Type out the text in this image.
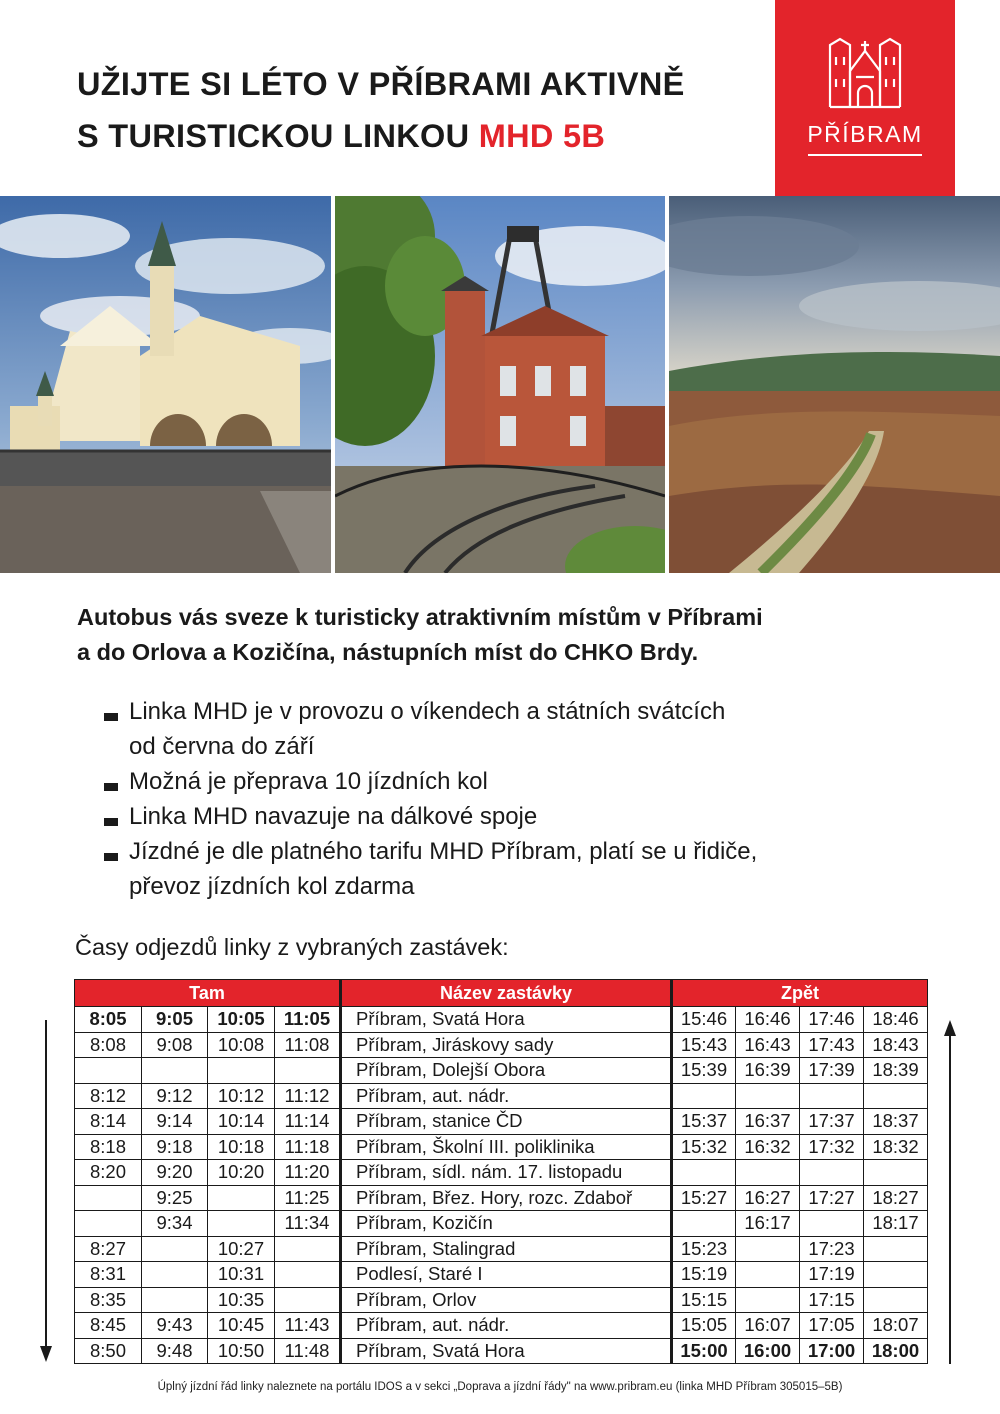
UŽIJTE SI LÉTO V PŘÍBRAMI AKTIVNĚ
S TURISTICKOU LINKOU MHD 5B	PŘÍBRAM
Autobus vás sveze k turisticky atraktivním místům v Příbrami
a do Orlova a Kozičína, nástupních míst do CHKO Brdy.
Linka MHD je v provozu o víkendech a státních svátcích
od června do září
Možná je přeprava 10 jízdních kol
Linka MHD navazuje na dálkové spoje
Jízdné je dle platného tarifu MHD Příbram, platí se u řidiče,
převoz jízdních kol zdarma
Časy odjezdů linky z vybraných zastávek:
Tam				Název zastávky	Zpět			
8:05	9:05	10:05	11:05	Příbram, Svatá Hora	15:46	16:46	17:46	18:46
8:08	9:08	10:08	11:08	Příbram, Jiráskovy sady	15:43	16:43	17:43	18:43
				Příbram, Dolejší Obora	15:39	16:39	17:39	18:39
8:12	9:12	10:12	11:12	Příbram, aut. nádr.				
8:14	9:14	10:14	11:14	Příbram, stanice ČD	15:37	16:37	17:37	18:37
8:18	9:18	10:18	11:18	Příbram, Školní III. poliklinika	15:32	16:32	17:32	18:32
8:20	9:20	10:20	11:20	Příbram, sídl. nám. 17. listopadu				
	9:25		11:25	Příbram, Břez. Hory, rozc. Zdaboř	15:27	16:27	17:27	18:27
	9:34		11:34	Příbram, Kozičín		16:17		18:17
8:27		10:27		Příbram, Stalingrad	15:23		17:23	
8:31		10:31		Podlesí, Staré I	15:19		17:19	
8:35		10:35		Příbram, Orlov	15:15		17:15	
8:45	9:43	10:45	11:43	Příbram, aut. nádr.	15:05	16:07	17:05	18:07
8:50	9:48	10:50	11:48	Příbram, Svatá Hora	15:00	16:00	17:00	18:00
Úplný jízdní řád linky naleznete na portálu IDOS a v sekci „Doprava a jízdní řády" na www.pribram.eu (linka MHD Příbram 305015–5B)
